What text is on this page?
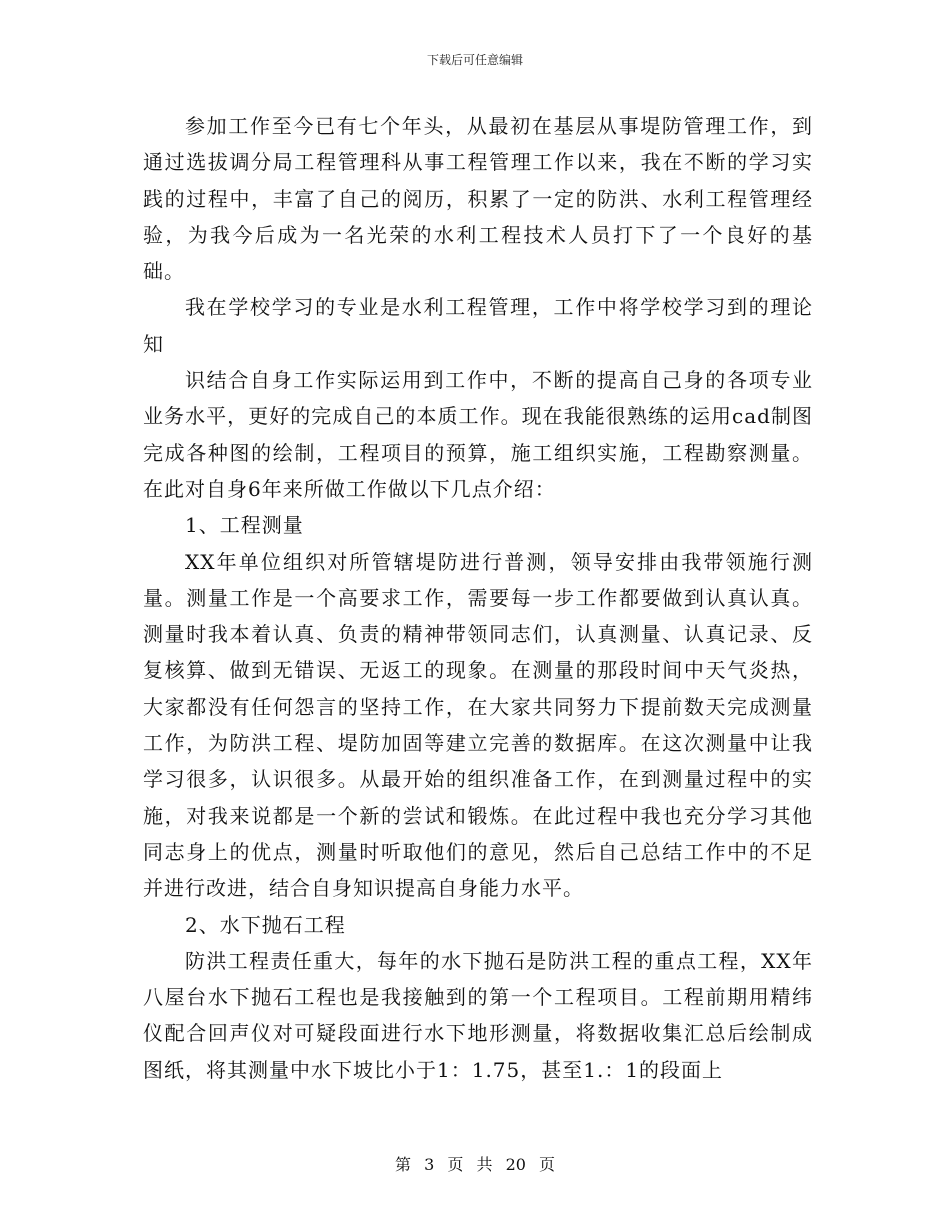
下载后可任意编辑

参加工作至今已有七个年头，从最初在基层从事堤防管理工作，到通过选拔调分局工程管理科从事工程管理工作以来，我在不断的学习实践的过程中，丰富了自己的阅历，积累了一定的防洪、水利工程管理经验，为我今后成为一名光荣的水利工程技术人员打下了一个良好的基础。

我在学校学习的专业是水利工程管理，工作中将学校学习到的理论知

识结合自身工作实际运用到工作中，不断的提高自己身的各项专业业务水平，更好的完成自己的本质工作。现在我能很熟练的运用cad制图完成各种图的绘制，工程项目的预算，施工组织实施，工程勘察测量。在此对自身6年来所做工作做以下几点介绍：

1、工程测量

XX年单位组织对所管辖堤防进行普测，领导安排由我带领施行测量。测量工作是一个高要求工作，需要每一步工作都要做到认真认真。测量时我本着认真、负责的精神带领同志们，认真测量、认真记录、反复核算、做到无错误、无返工的现象。在测量的那段时间中天气炎热，大家都没有任何怨言的坚持工作，在大家共同努力下提前数天完成测量工作，为防洪工程、堤防加固等建立完善的数据库。在这次测量中让我学习很多，认识很多。从最开始的组织准备工作，在到测量过程中的实施，对我来说都是一个新的尝试和锻炼。在此过程中我也充分学习其他同志身上的优点，测量时听取他们的意见，然后自己总结工作中的不足并进行改进，结合自身知识提高自身能力水平。

2、水下抛石工程

防洪工程责任重大，每年的水下抛石是防洪工程的重点工程，XX年八屋台水下抛石工程也是我接触到的第一个工程项目。工程前期用精纬仪配合回声仪对可疑段面进行水下地形测量，将数据收集汇总后绘制成图纸，将其测量中水下坡比小于1：1.75，甚至1.：1的段面上

第 3 页 共 20 页
